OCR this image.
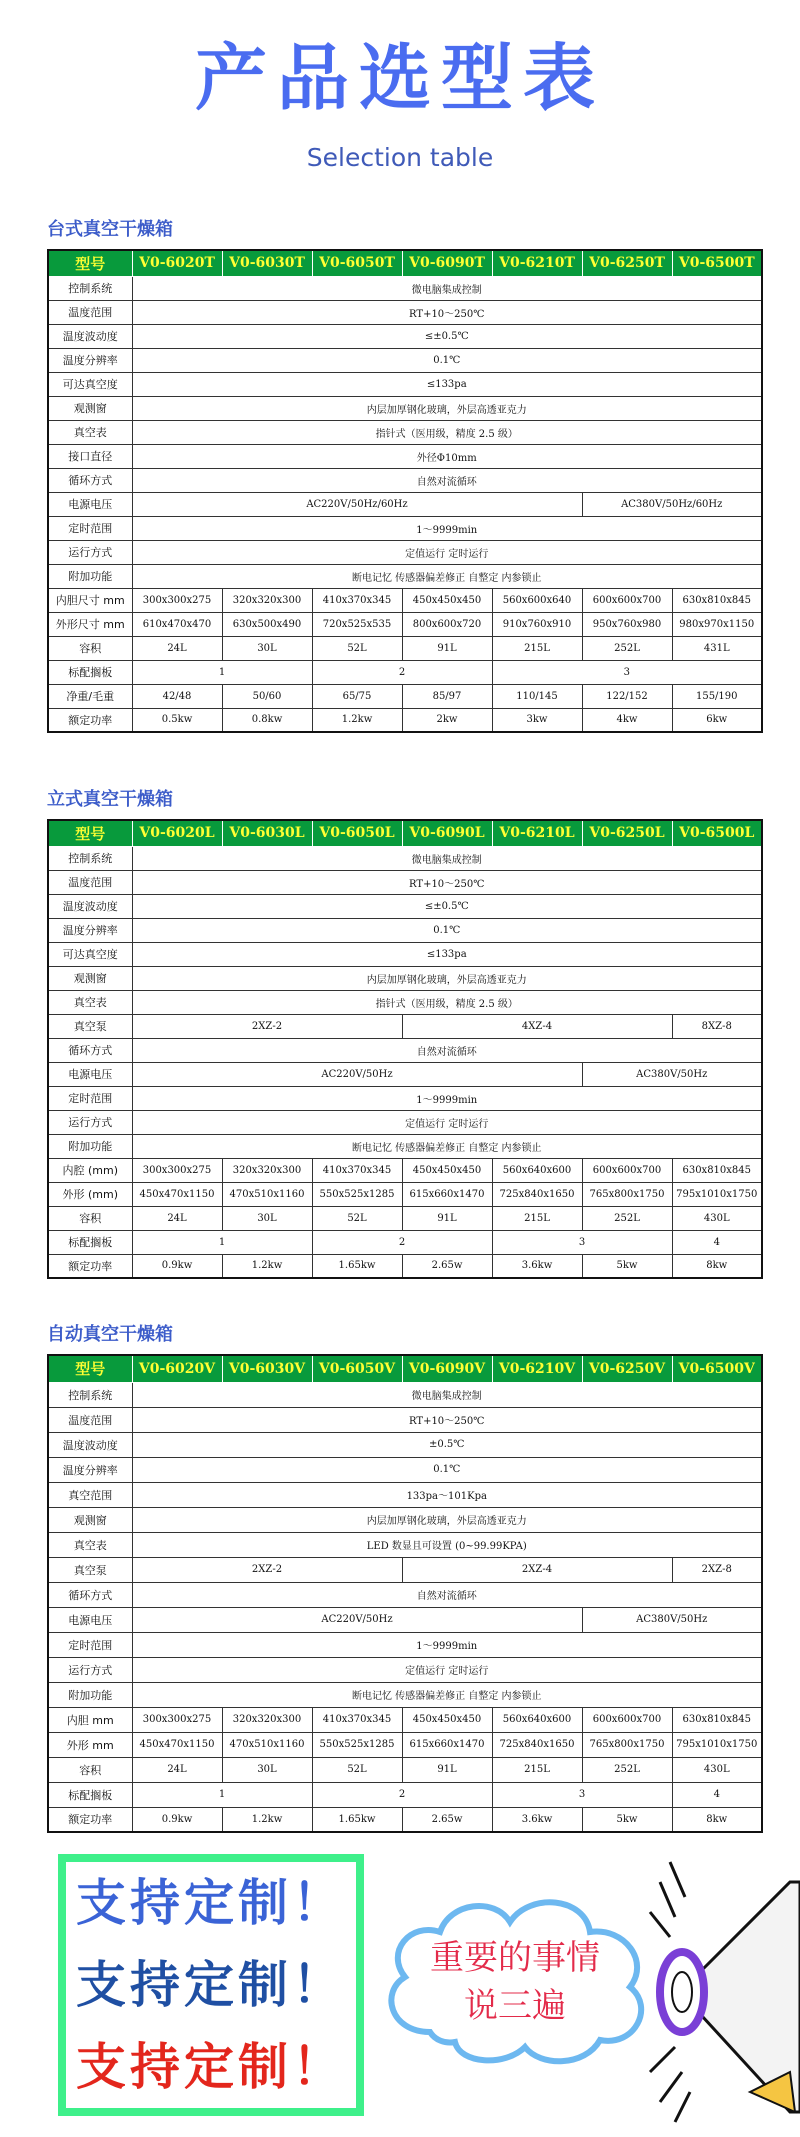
产品选型表
Selection table
台式真空干燥箱
型号	V0-6020T	V0-6030T	V0-6050T	V0-6090T	V0-6210T	V0-6250T	V0-6500T
控制系统	微电脑集成控制						
温度范围	RT+10～250℃						
温度波动度	≤±0.5℃						
温度分辨率	0.1℃						
可达真空度	≤133pa						
观测窗	内层加厚钢化玻璃，外层高透亚克力						
真空表	指针式（医用级，精度 2.5 级）						
接口直径	外径Φ10mm						
循环方式	自然对流循环						
电源电压	AC220V/50Hz/60Hz					AC380V/50Hz/60Hz	
定时范围	1～9999min						
运行方式	定值运行 定时运行						
附加功能	断电记忆 传感器偏差修正 自整定 内参锁止						
内胆尺寸 mm	300x300x275	320x320x300	410x370x345	450x450x450	560x600x640	600x600x700	630x810x845
外形尺寸 mm	610x470x470	630x500x490	720x525x535	800x600x720	910x760x910	950x760x980	980x970x1150
容积	24L	30L	52L	91L	215L	252L	431L
标配搁板	1		2		3		
净重/毛重	42/48	50/60	65/75	85/97	110/145	122/152	155/190
额定功率	0.5kw	0.8kw	1.2kw	2kw	3kw	4kw	6kw
立式真空干燥箱
型号	V0-6020L	V0-6030L	V0-6050L	V0-6090L	V0-6210L	V0-6250L	V0-6500L
控制系统	微电脑集成控制						
温度范围	RT+10～250℃						
温度波动度	≤±0.5℃						
温度分辨率	0.1℃						
可达真空度	≤133pa						
观测窗	内层加厚钢化玻璃，外层高透亚克力						
真空表	指针式（医用级，精度 2.5 级）						
真空泵	2XZ-2			4XZ-4			8XZ-8
循环方式	自然对流循环						
电源电压	AC220V/50Hz					AC380V/50Hz	
定时范围	1～9999min						
运行方式	定值运行 定时运行						
附加功能	断电记忆 传感器偏差修正 自整定 内参锁止						
内腔 (mm)	300x300x275	320x320x300	410x370x345	450x450x450	560x640x600	600x600x700	630x810x845
外形 (mm)	450x470x1150	470x510x1160	550x525x1285	615x660x1470	725x840x1650	765x800x1750	795x1010x1750
容积	24L	30L	52L	91L	215L	252L	430L
标配搁板	1		2		3		4
额定功率	0.9kw	1.2kw	1.65kw	2.65w	3.6kw	5kw	8kw
自动真空干燥箱
型号	V0-6020V	V0-6030V	V0-6050V	V0-6090V	V0-6210V	V0-6250V	V0-6500V
控制系统	微电脑集成控制						
温度范围	RT+10～250℃						
温度波动度	±0.5℃						
温度分辨率	0.1℃						
真空范围	133pa～101Kpa						
观测窗	内层加厚钢化玻璃，外层高透亚克力						
真空表	LED 数显且可设置 (0~99.99KPA)						
真空泵	2XZ-2			2XZ-4			2XZ-8
循环方式	自然对流循环						
电源电压	AC220V/50Hz					AC380V/50Hz	
定时范围	1～9999min						
运行方式	定值运行 定时运行						
附加功能	断电记忆 传感器偏差修正 自整定 内参锁止						
内胆 mm	300x300x275	320x320x300	410x370x345	450x450x450	560x640x600	600x600x700	630x810x845
外形 mm	450x470x1150	470x510x1160	550x525x1285	615x660x1470	725x840x1650	765x800x1750	795x1010x1750
容积	24L	30L	52L	91L	215L	252L	430L
标配搁板	1		2		3		4
额定功率	0.9kw	1.2kw	1.65kw	2.65w	3.6kw	5kw	8kw
支持定制！
支持定制！
支持定制！
重要的事情
说三遍
